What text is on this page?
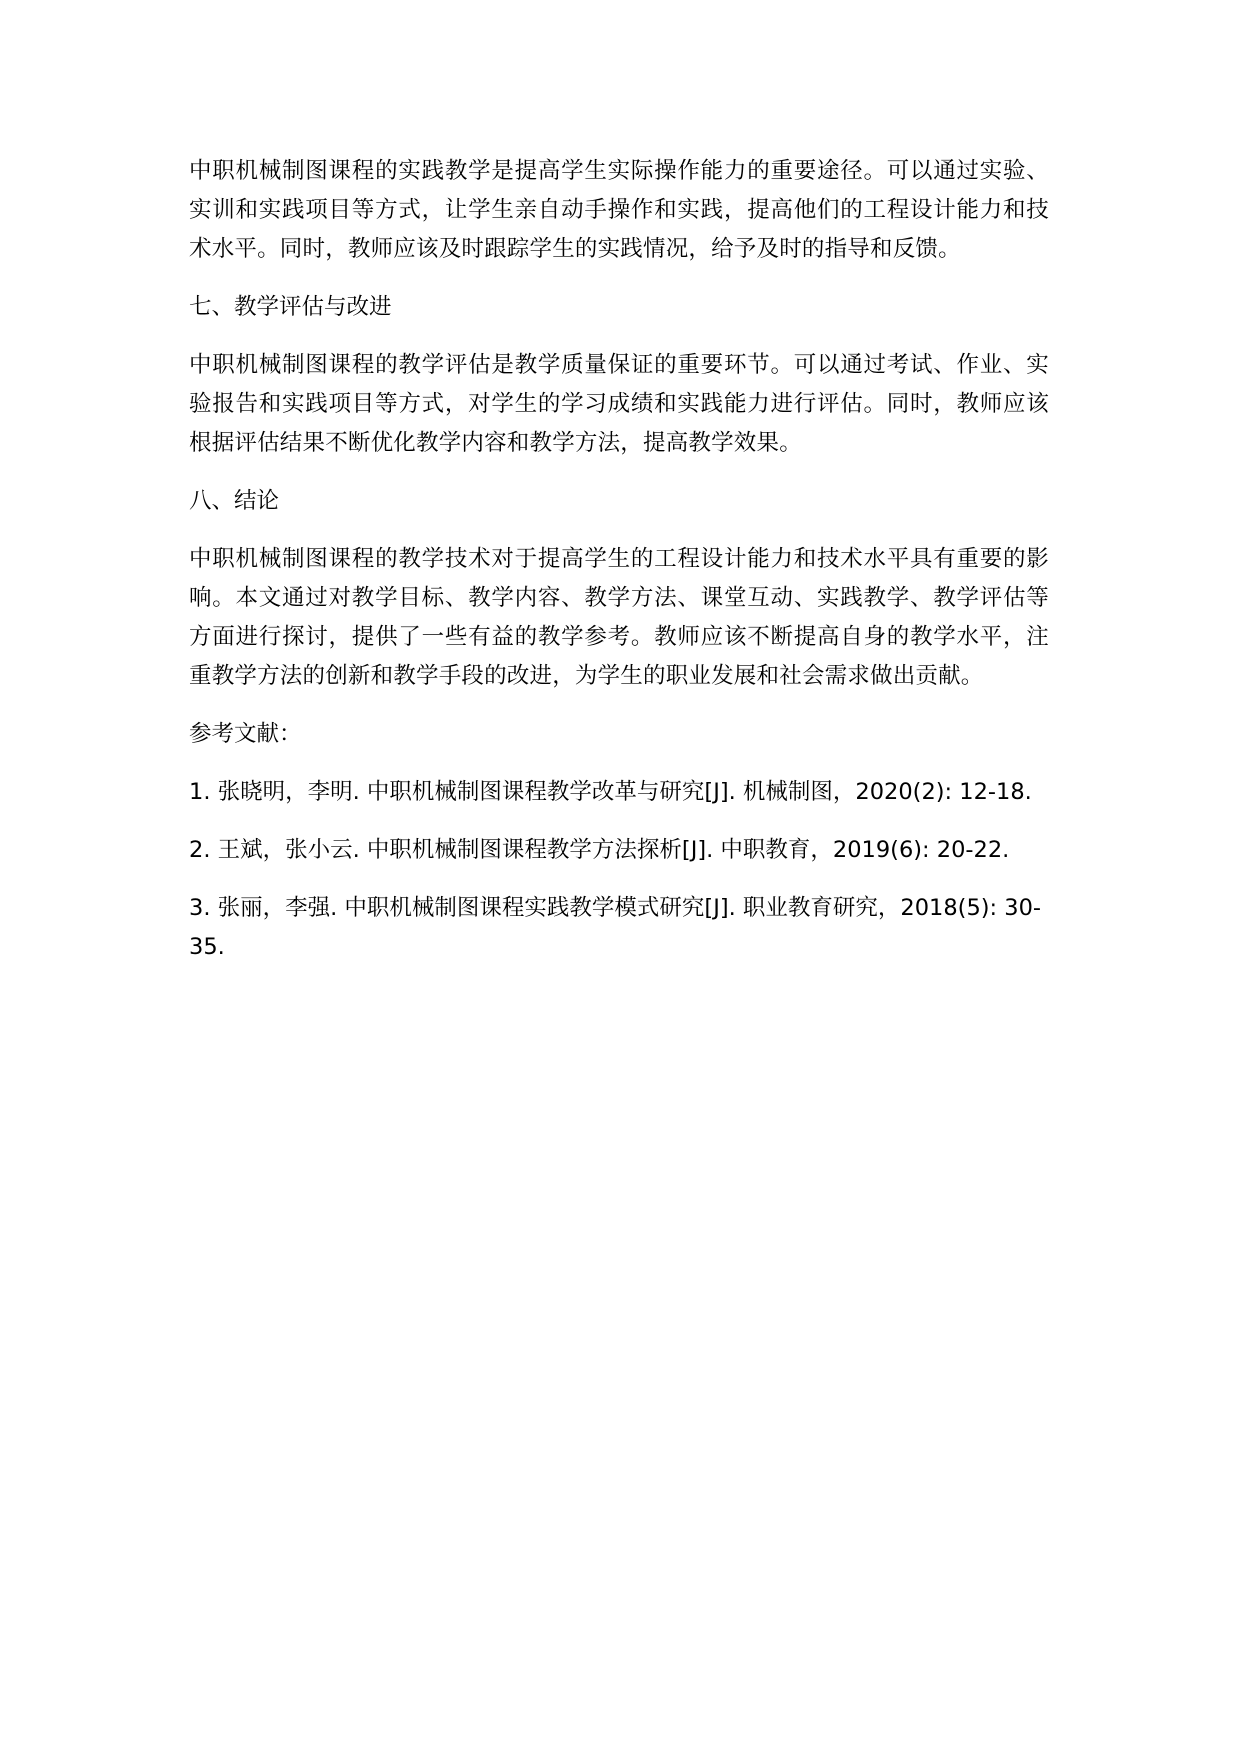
中职机械制图课程的实践教学是提高学生实际操作能力的重要途径。可以通过实验、实训和实践项目等方式，让学生亲自动手操作和实践，提高他们的工程设计能力和技术水平。同时，教师应该及时跟踪学生的实践情况，给予及时的指导和反馈。

七、教学评估与改进

中职机械制图课程的教学评估是教学质量保证的重要环节。可以通过考试、作业、实验报告和实践项目等方式，对学生的学习成绩和实践能力进行评估。同时，教师应该根据评估结果不断优化教学内容和教学方法，提高教学效果。

八、结论

中职机械制图课程的教学技术对于提高学生的工程设计能力和技术水平具有重要的影响。本文通过对教学目标、教学内容、教学方法、课堂互动、实践教学、教学评估等方面进行探讨，提供了一些有益的教学参考。教师应该不断提高自身的教学水平，注重教学方法的创新和教学手段的改进，为学生的职业发展和社会需求做出贡献。

参考文献：

1. 张晓明，李明. 中职机械制图课程教学改革与研究[J]. 机械制图，2020(2): 12-18.

2. 王斌，张小云. 中职机械制图课程教学方法探析[J]. 中职教育，2019(6): 20-22.

3. 张丽，李强. 中职机械制图课程实践教学模式研究[J]. 职业教育研究，2018(5): 30-35.
